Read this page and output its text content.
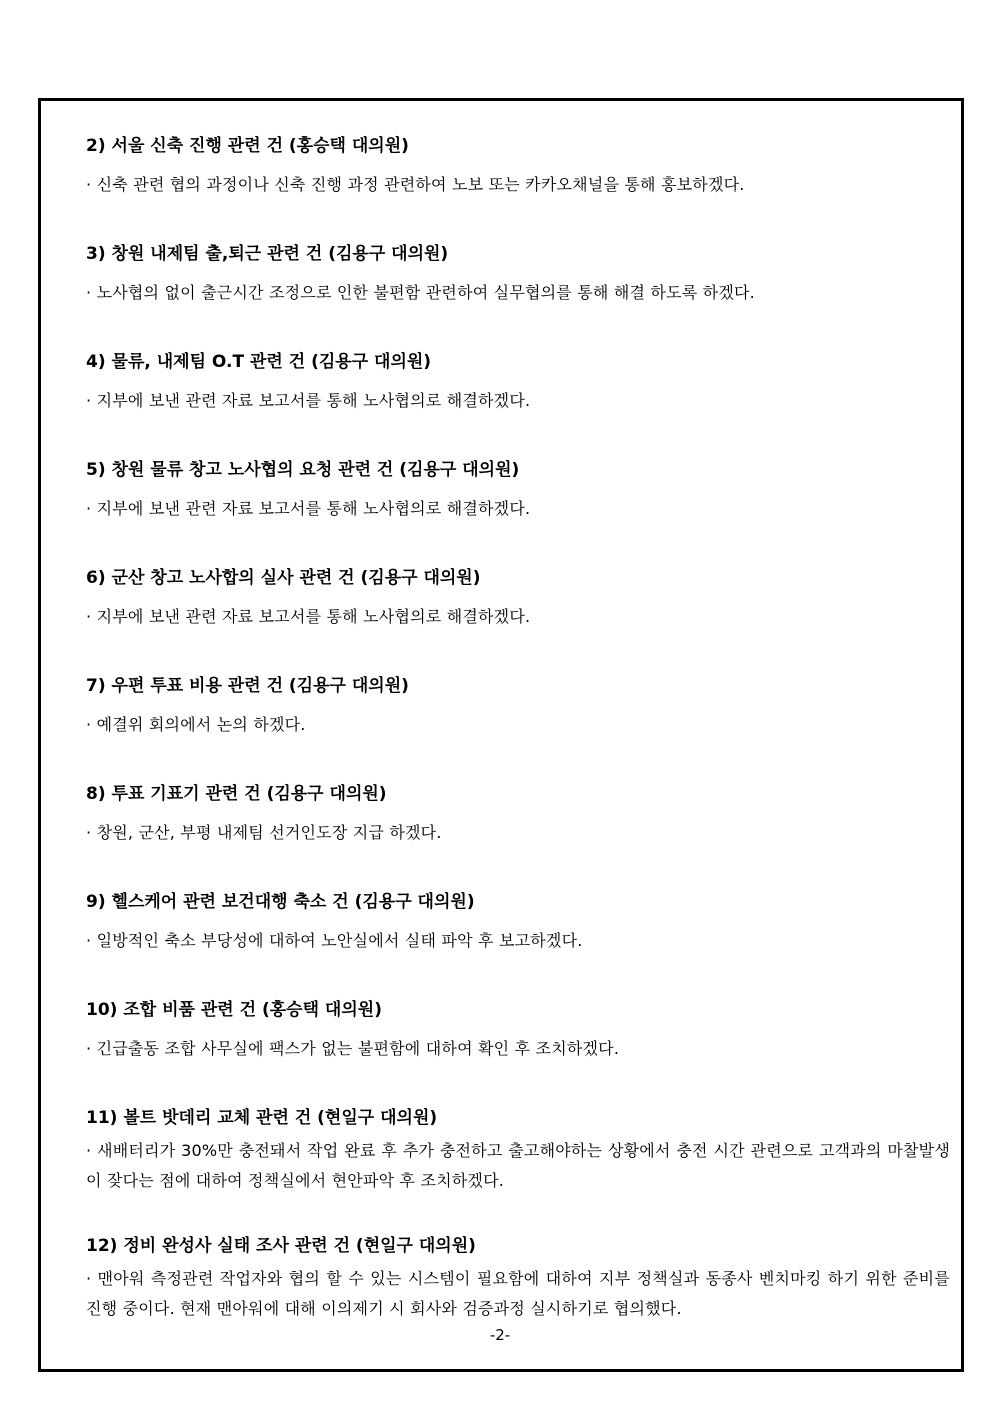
2) 서울 신축 진행 관련 건 (홍승택 대의원)

· 신축 관련 협의 과정이나 신축 진행 과정 관련하여 노보 또는 카카오채널을 통해 홍보하겠다.

3) 창원 내제팀 출,퇴근 관련 건 (김용구 대의원)

· 노사협의 없이 출근시간 조정으로 인한 불편함 관련하여 실무협의를 통해 해결 하도록 하겠다.

4) 물류, 내제팀 O.T 관련 건 (김용구 대의원)

· 지부에 보낸 관련 자료 보고서를 통해 노사협의로 해결하겠다.

5) 창원 물류 창고 노사협의 요청 관련 건 (김용구 대의원)

· 지부에 보낸 관련 자료 보고서를 통해 노사협의로 해결하겠다.

6) 군산 창고 노사합의 실사 관련 건 (김용구 대의원)

· 지부에 보낸 관련 자료 보고서를 통해 노사협의로 해결하겠다.

7) 우편 투표 비용 관련 건 (김용구 대의원)

· 예결위 회의에서 논의 하겠다.

8) 투표 기표기 관련 건 (김용구 대의원)

· 창원, 군산, 부평 내제팀 선거인도장 지급 하겠다.

9) 헬스케어 관련 보건대행 축소 건 (김용구 대의원)

· 일방적인 축소 부당성에 대하여 노안실에서 실태 파악 후 보고하겠다.

10) 조합 비품 관련 건 (홍승택 대의원)

· 긴급출동 조합 사무실에 팩스가 없는 불편함에 대하여 확인 후 조치하겠다.

11) 볼트 밧데리 교체 관련 건 (현일구 대의원)

· 새배터리가 30%만 충전돼서 작업 완료 후 추가 충전하고 출고해야하는 상황에서 충전 시간 관련으로 고객과의 마찰발생이 잦다는 점에 대하여 정책실에서 현안파악 후 조치하겠다.

12) 정비 완성사 실태 조사 관련 건 (현일구 대의원)

· 맨아워 측정관련 작업자와 협의 할 수 있는 시스템이 필요함에 대하여 지부 정책실과 동종사 벤치마킹 하기 위한 준비를 진행 중이다. 현재 맨아워에 대해 이의제기 시 회사와 검증과정 실시하기로 협의했다.

-2-
